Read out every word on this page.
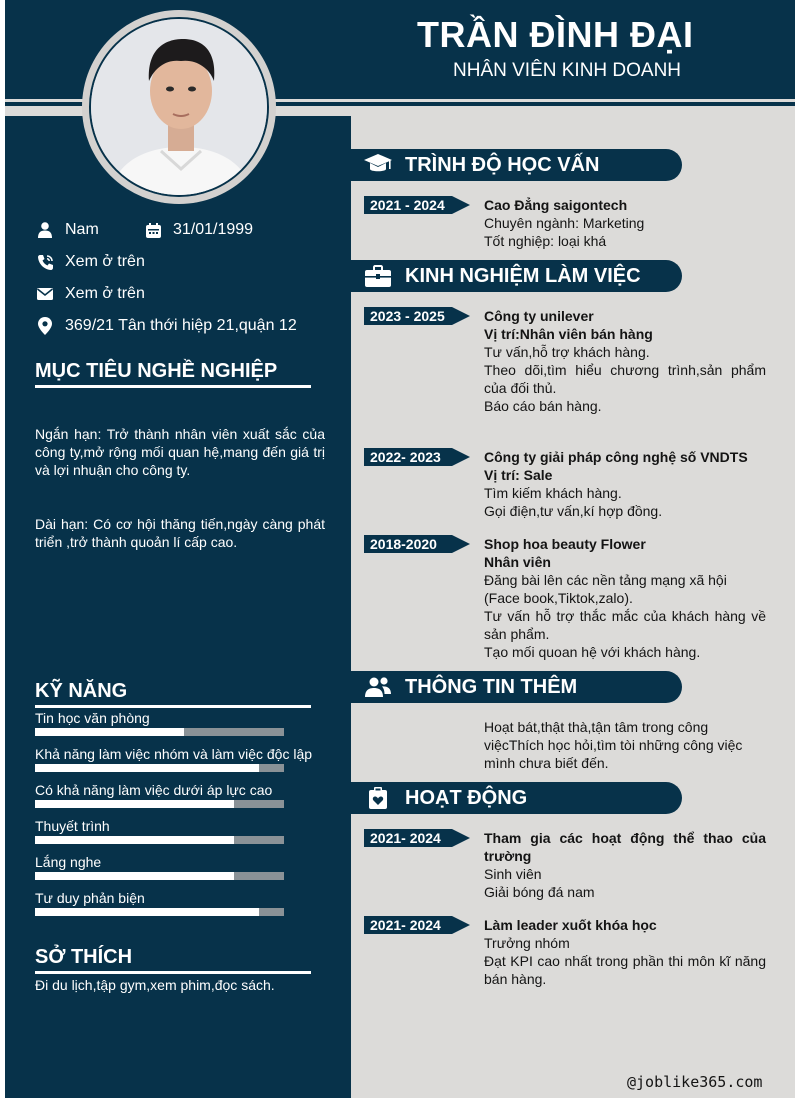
TRẦN ĐÌNH ĐẠI
NHÂN VIÊN KINH DOANH
Nam	31/01/1999
Xem ở trên
Xem ở trên
369/21 Tân thới hiệp 21,quận 12
MỤC TIÊU NGHỀ NGHIỆP
Ngắn hạn: Trở thành nhân viên xuất sắc của công ty,mở rộng mối quan hệ,mang đến giá trị và lợi nhuận cho công ty.
Dài hạn: Có cơ hội thăng tiến,ngày càng phát triển ,trở thành quoản lí cấp cao.
KỸ NĂNG
Tin học văn phòng
Khả năng làm việc nhóm và làm việc độc lập
Có khả năng làm việc dưới áp lực cao
Thuyết trình
Lắng nghe
Tư duy phản biện
SỞ THÍCH
Đi du lịch,tập gym,xem phim,đọc sách.
TRÌNH ĐỘ HỌC VẤN
2021 - 2024	Cao Đẳng saigontech
Chuyên ngành: Marketing
Tốt nghiệp: loại khá
KINH NGHIỆM LÀM VIỆC
2023 - 2025	Công ty unilever
Vị trí:Nhân viên bán hàng
Tư vấn,hỗ trợ khách hàng.
Theo dõi,tìm hiểu chương trình,sản phẩm của đối thủ.
Báo cáo bán hàng.
2022- 2023	Công ty giải pháp công nghệ số VNDTS
Vị trí: Sale
Tìm kiếm khách hàng.
Gọi điện,tư vấn,kí hợp đồng.
2018-2020	Shop hoa beauty Flower
Nhân viên
Đăng bài lên các nền tảng mạng xã hội (Face book,Tiktok,zalo).
Tư vấn hỗ trợ thắc mắc của khách hàng về sản phẩm.
Tạo mối quoan hệ với khách hàng.
THÔNG TIN THÊM
Hoạt bát,thật thà,tận tâm trong công việcThích học hỏi,tìm tòi những công việc mình chưa biết đến.
HOẠT ĐỘNG
2021- 2024	Tham gia các hoạt động thể thao của trường
Sinh viên
Giải bóng đá nam
2021- 2024	Làm leader xuốt khóa học
Trưởng nhóm
Đạt KPI cao nhất trong phần thi môn kĩ năng bán hàng.
@joblike365.com
